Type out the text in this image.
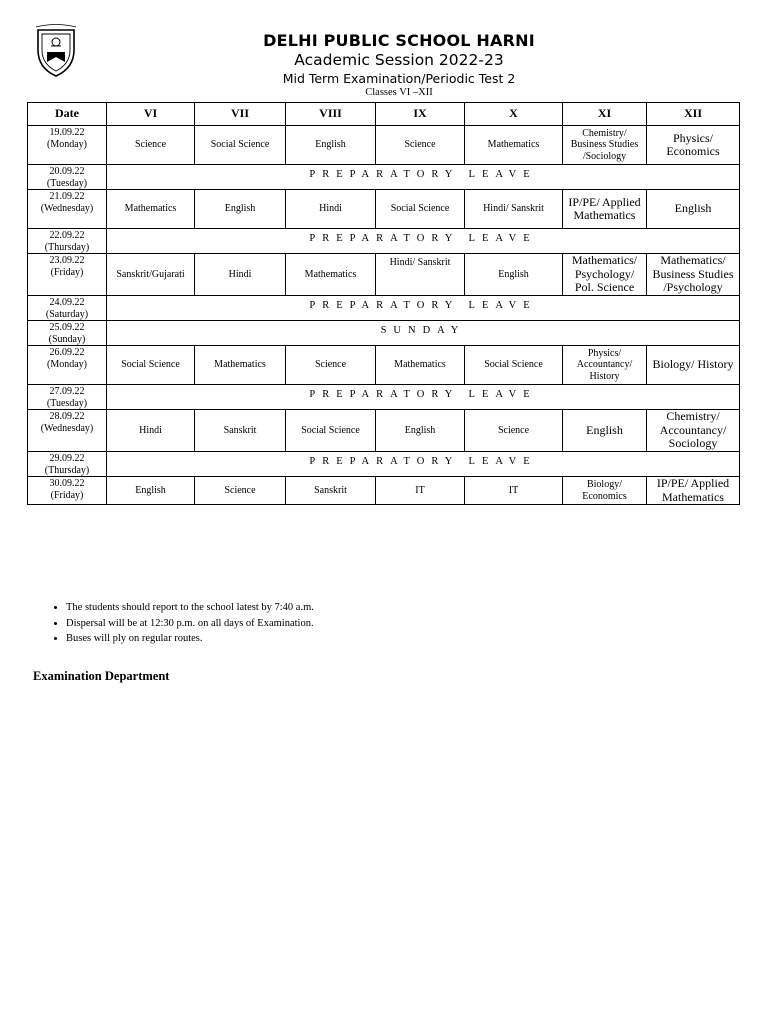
DELHI PUBLIC SCHOOL HARNI
Academic Session 2022-23
Mid Term Examination/Periodic Test 2
Classes VI –XII
Date	VI	VII	VIII	IX	X	XI	XII

19.09.22
(Monday)	Science	Social Science	English	Science	Mathematics	Chemistry/ Business Studies /Sociology	Physics/ Economics

20.09.22
(Tuesday)	PREPARATORY LEAVE						

21.09.22
(Wednesday)	Mathematics	English	Hindi	Social Science	Hindi/ Sanskrit	IP/PE/ Applied Mathematics	English

22.09.22
(Thursday)	PREPARATORY LEAVE						

23.09.22
(Friday)	Sanskrit/Gujarati	Hindi	Mathematics	Hindi/ Sanskrit	English	Mathematics/ Psychology/ Pol. Science	Mathematics/ Business Studies /Psychology

24.09.22
(Saturday)	PREPARATORY LEAVE						

25.09.22
(Sunday)	SUNDAY						

26.09.22
(Monday)	Social Science	Mathematics	Science	Mathematics	Social Science	Physics/ Accountancy/ History	Biology/ History

27.09.22
(Tuesday)	PREPARATORY LEAVE						

28.09.22
(Wednesday)	Hindi	Sanskrit	Social Science	English	Science	English	Chemistry/ Accountancy/ Sociology

29.09.22
(Thursday)	PREPARATORY LEAVE						

30.09.22
(Friday)	English	Science	Sanskrit	IT	IT	Biology/ Economics	IP/PE/ Applied Mathematics
• The students should report to the school latest by 7:40 a.m.
• Dispersal will be at 12:30 p.m. on all days of Examination.
• Buses will ply on regular routes.
Examination Department
